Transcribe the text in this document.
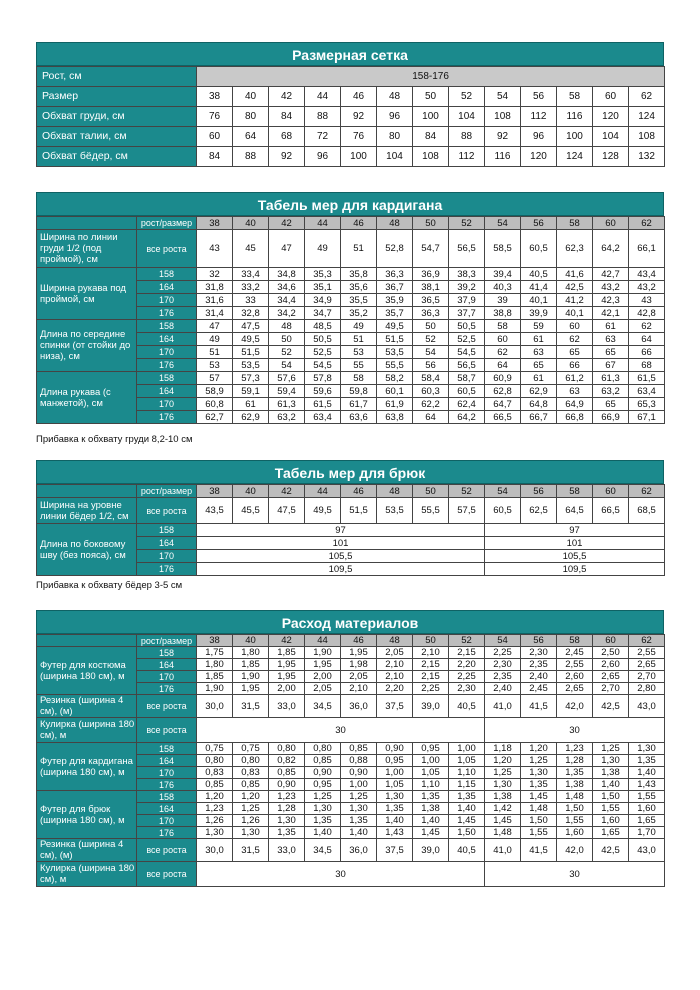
Размерная сетка
Рост, см	158-176												
Размер	38	40	42	44	46	48	50	52	54	56	58	60	62
Обхват груди, см	76	80	84	88	92	96	100	104	108	112	116	120	124
Обхват талии, см	60	64	68	72	76	80	84	88	92	96	100	104	108
Обхват бёдер, см	84	88	92	96	100	104	108	112	116	120	124	128	132
Табель мер для кардигана
	рост/размер	38	40	42	44	46	48	50	52	54	56	58	60	62
Ширина по линии груди 1/2 (под проймой), см	все роста	43	45	47	49	51	52,8	54,7	56,5	58,5	60,5	62,3	64,2	66,1
Ширина рукава под проймой, см	158	32	33,4	34,8	35,3	35,8	36,3	36,9	38,3	39,4	40,5	41,6	42,7	43,4
	164	31,8	33,2	34,6	35,1	35,6	36,7	38,1	39,2	40,3	41,4	42,5	43,2	43,2
	170	31,6	33	34,4	34,9	35,5	35,9	36,5	37,9	39	40,1	41,2	42,3	43
	176	31,4	32,8	34,2	34,7	35,2	35,7	36,3	37,7	38,8	39,9	40,1	42,1	42,8
Длина по середине спинки (от стойки до низа), см	158	47	47,5	48	48,5	49	49,5	50	50,5	58	59	60	61	62
	164	49	49,5	50	50,5	51	51,5	52	52,5	60	61	62	63	64
	170	51	51,5	52	52,5	53	53,5	54	54,5	62	63	65	65	66
	176	53	53,5	54	54,5	55	55,5	56	56,5	64	65	66	67	68
Длина рукава (с манжетой), см	158	57	57,3	57,6	57,8	58	58,2	58,4	58,7	60,9	61	61,2	61,3	61,5
	164	58,9	59,1	59,4	59,6	59,8	60,1	60,3	60,5	62,8	62,9	63	63,2	63,4
	170	60,8	61	61,3	61,5	61,7	61,9	62,2	62,4	64,7	64,8	64,9	65	65,3
	176	62,7	62,9	63,2	63,4	63,6	63,8	64	64,2	66,5	66,7	66,8	66,9	67,1
Прибавка к обхвату груди 8,2-10 см
Табель мер для брюк
	рост/размер	38	40	42	44	46	48	50	52	54	56	58	60	62
Ширина на уровне линии бёдер 1/2, см	все роста	43,5	45,5	47,5	49,5	51,5	53,5	55,5	57,5	60,5	62,5	64,5	66,5	68,5
Длина по боковому шву (без пояса), см	158	97								97				
	164	101								101				
	170	105,5								105,5				
	176	109,5								109,5				
Прибавка к обхвату бёдер 3-5 см
Расход материалов
	рост/размер	38	40	42	44	46	48	50	52	54	56	58	60	62
Футер для костюма (ширина 180 см), м	158	1,75	1,80	1,85	1,90	1,95	2,05	2,10	2,15	2,25	2,30	2,45	2,50	2,55
	164	1,80	1,85	1,95	1,95	1,98	2,10	2,15	2,20	2,30	2,35	2,55	2,60	2,65
	170	1,85	1,90	1,95	2,00	2,05	2,10	2,15	2,25	2,35	2,40	2,60	2,65	2,70
	176	1,90	1,95	2,00	2,05	2,10	2,20	2,25	2,30	2,40	2,45	2,65	2,70	2,80
Резинка (ширина 4 см), (м)	все роста	30,0	31,5	33,0	34,5	36,0	37,5	39,0	40,5	41,0	41,5	42,0	42,5	43,0
Кулирка (ширина 180 см), м	все роста	30								30				
Футер для кардигана (ширина 180 см), м	158	0,75	0,75	0,80	0,80	0,85	0,90	0,95	1,00	1,18	1,20	1,23	1,25	1,30
	164	0,80	0,80	0,82	0,85	0,88	0,95	1,00	1,05	1,20	1,25	1,28	1,30	1,35
	170	0,83	0,83	0,85	0,90	0,90	1,00	1,05	1,10	1,25	1,30	1,35	1,38	1,40
	176	0,85	0,85	0,90	0,95	1,00	1,05	1,10	1,15	1,30	1,35	1,38	1,40	1,43
Футер для брюк (ширина 180 см), м	158	1,20	1,20	1,23	1,25	1,25	1,30	1,35	1,35	1,38	1,45	1,48	1,50	1,55
	164	1,23	1,25	1,28	1,30	1,30	1,35	1,38	1,40	1,42	1,48	1,50	1,55	1,60
	170	1,26	1,26	1,30	1,35	1,35	1,40	1,40	1,45	1,45	1,50	1,55	1,60	1,65
	176	1,30	1,30	1,35	1,40	1,40	1,43	1,45	1,50	1,48	1,55	1,60	1,65	1,70
Резинка (ширина 4 см), (м)	все роста	30,0	31,5	33,0	34,5	36,0	37,5	39,0	40,5	41,0	41,5	42,0	42,5	43,0
Кулирка (ширина 180 см), м	все роста	30								30				
